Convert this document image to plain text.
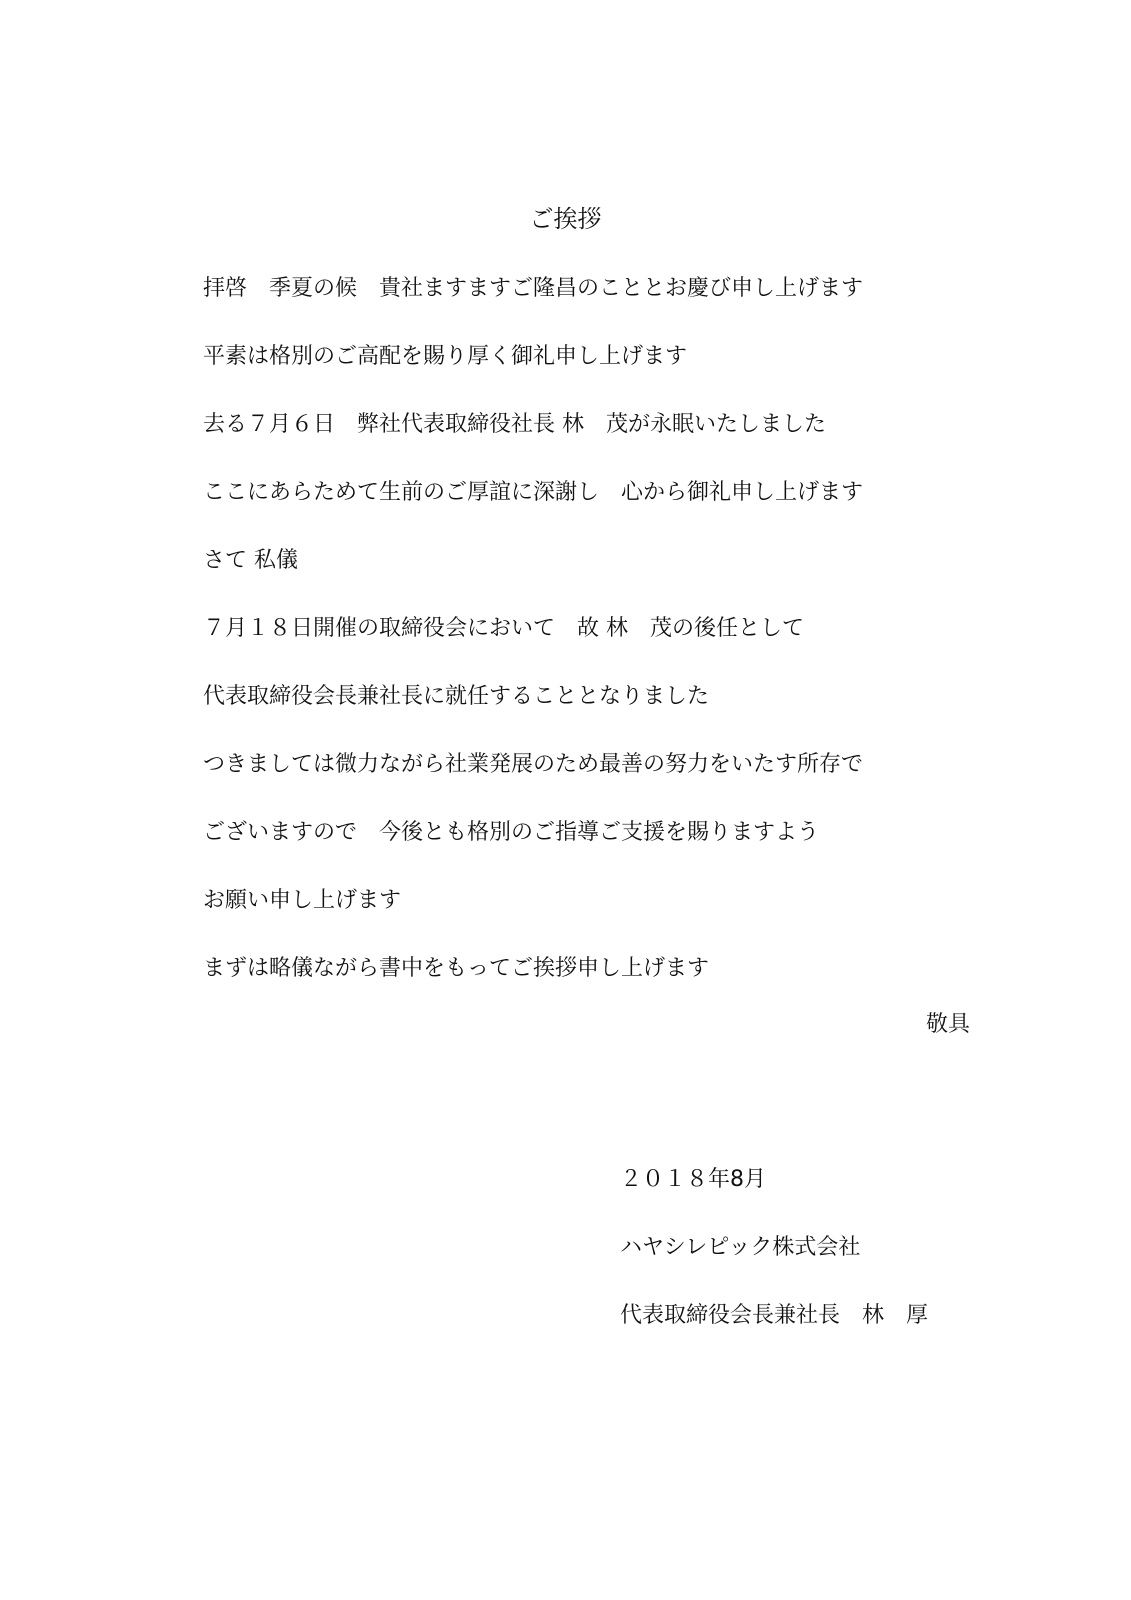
ご挨拶
拝啓　季夏の候　貴社ますますご隆昌のこととお慶び申し上げます
平素は格別のご高配を賜り厚く御礼申し上げます
去る７月６日　弊社代表取締役社長 林　茂が永眠いたしました
ここにあらためて生前のご厚誼に深謝し　心から御礼申し上げます
さて 私儀
７月１８日開催の取締役会において　故 林　茂の後任として
代表取締役会長兼社長に就任することとなりました
つきましては微力ながら社業発展のため最善の努力をいたす所存で
ございますので　今後とも格別のご指導ご支援を賜りますよう
お願い申し上げます
まずは略儀ながら書中をもってご挨拶申し上げます
敬具
２０１８年8月
ハヤシレピック株式会社
代表取締役会長兼社長　林　厚
